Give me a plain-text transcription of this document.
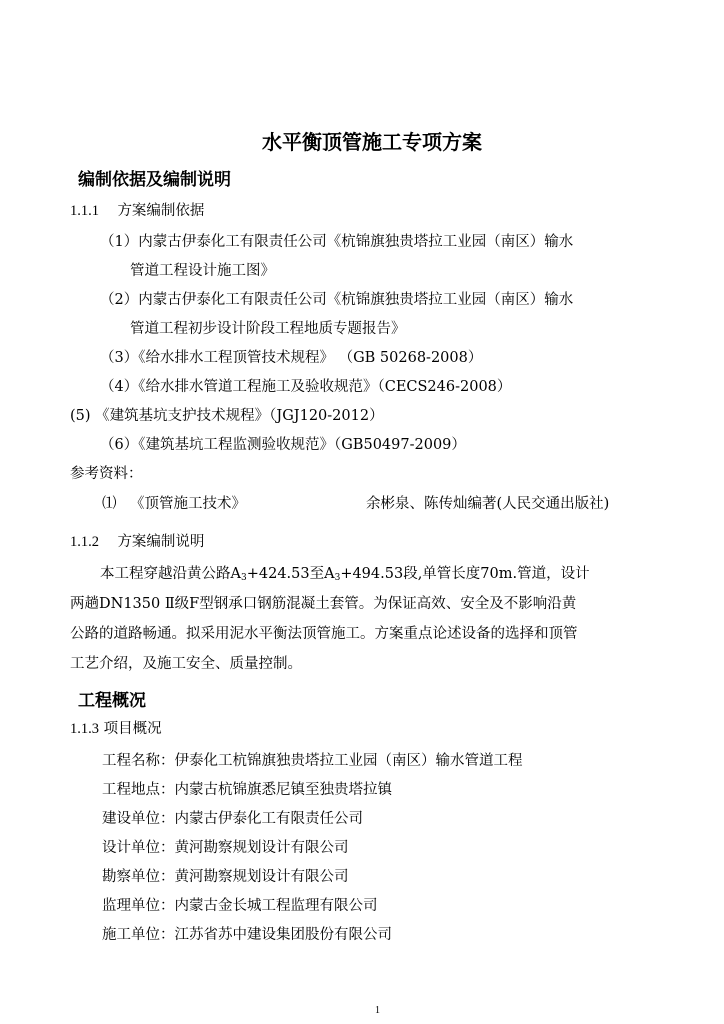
水平衡顶管施工专项方案
编制依据及编制说明
1.1.1 方案编制依据
（1）内蒙古伊泰化工有限责任公司《杭锦旗独贵塔拉工业园（南区）输水
管道工程设计施工图》
（2）内蒙古伊泰化工有限责任公司《杭锦旗独贵塔拉工业园（南区）输水
管道工程初步设计阶段工程地质专题报告》
（3）《给水排水工程顶管技术规程》 （GB 50268-2008）
（4）《给水排水管道工程施工及验收规范》（CECS246-2008）
(5) 《建筑基坑支护技术规程》（JGJ120-2012）
（6）《建筑基坑工程监测验收规范》（GB50497-2009）
参考资料：
⑴ 《顶管施工技术》	余彬泉、陈传灿编著(人民交通出版社)
1.1.2 方案编制说明
本工程穿越沿黄公路$A_3+424.53$至$A_3+494.53$段,单管长度70m.管道，设计
两趟DN1350 Ⅱ级F型钢承口钢筋混凝土套管。为保证高效、安全及不影响沿黄
公路的道路畅通。拟采用泥水平衡法顶管施工。方案重点论述设备的选择和顶管
工艺介绍，及施工安全、质量控制。
工程概况
1.1.3 项目概况
工程名称：伊泰化工杭锦旗独贵塔拉工业园（南区）输水管道工程
工程地点：内蒙古杭锦旗悉尼镇至独贵塔拉镇
建设单位：内蒙古伊泰化工有限责任公司
设计单位：黄河勘察规划设计有限公司
勘察单位：黄河勘察规划设计有限公司
监理单位：内蒙古金长城工程监理有限公司
施工单位：江苏省苏中建设集团股份有限公司
1
